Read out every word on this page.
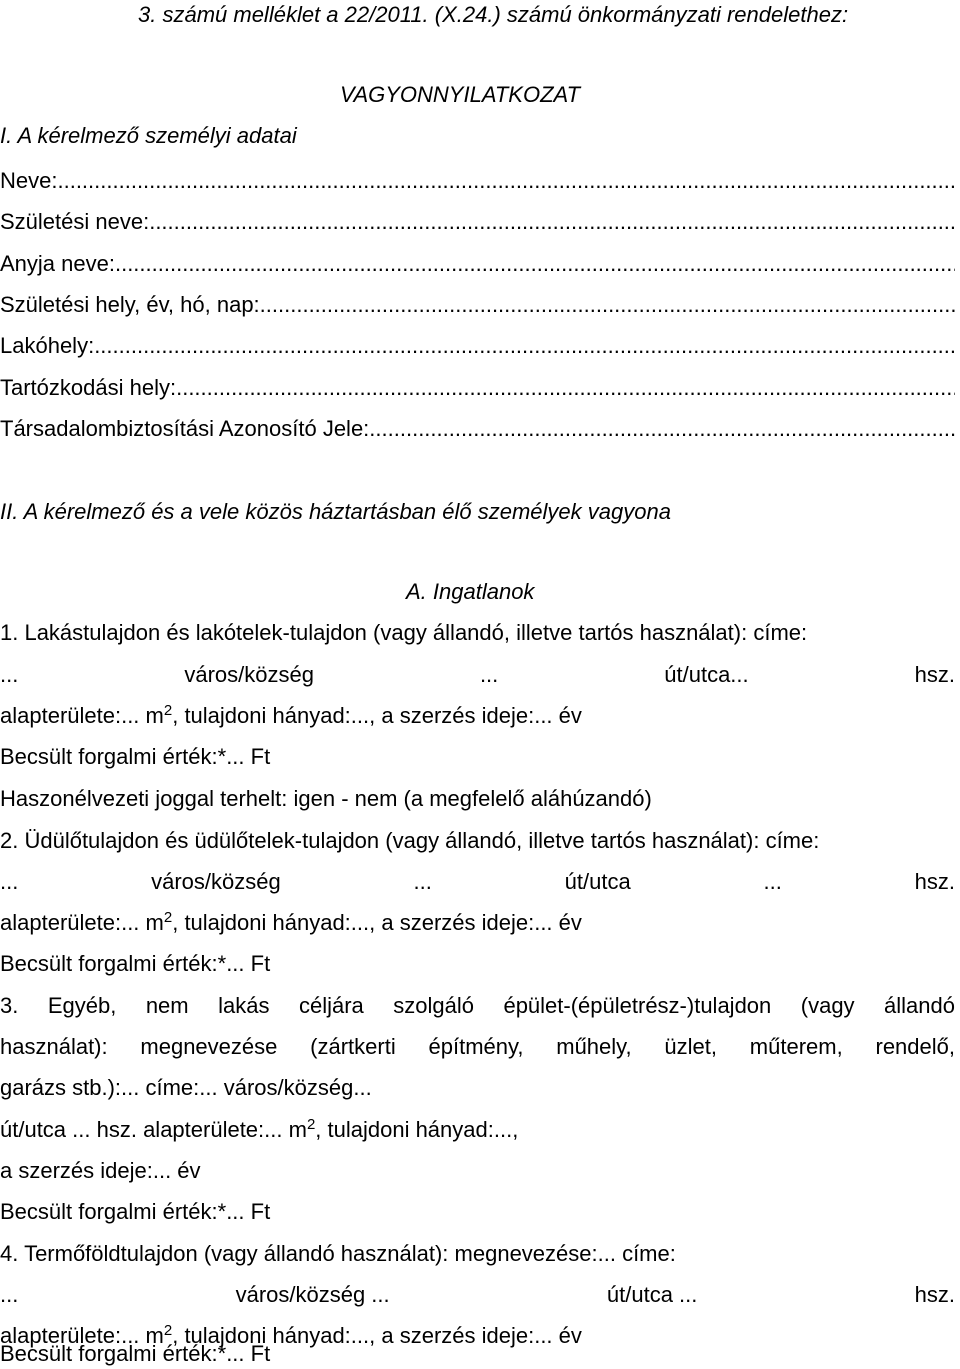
3. számú melléklet a 22/2011. (X.24.) számú önkormányzati rendelethez:
VAGYONNYILATKOZAT
I. A kérelmező személyi adatai
Neve:
.....
Születési neve:
.....
Anyja neve:
.....
Születési hely, év, hó, nap:
.....
Lakóhely:
.....
Tartózkodási hely:
.....
Társadalombiztosítási Azonosító Jele:
.....
II. A kérelmező és a vele közös háztartásban élő személyek vagyona
A. Ingatlanok
1. Lakástulajdon és lakótelek-tulajdon (vagy állandó, illetve tartós használat): címe:
...	város/község	...	út/utca...	hsz.
alapterülete:... $m^2$, tulajdoni hányad:..., a szerzés ideje:... év
Becsült forgalmi érték:*... Ft
Haszonélvezeti joggal terhelt: igen - nem (a megfelelő aláhúzandó)
2. Üdülőtulajdon és üdülőtelek-tulajdon (vagy állandó, illetve tartós használat): címe:
...	város/község	...	út/utca	...	hsz.
alapterülete:... $m^2$, tulajdoni hányad:..., a szerzés ideje:... év
Becsült forgalmi érték:*... Ft
3. Egyéb, nem lakás céljára szolgáló épület-(épületrész-)tulajdon (vagy állandó
használat): megnevezése (zártkerti építmény, műhely, üzlet, műterem, rendelő,
garázs stb.):... címe:... város/község...
út/utca ... hsz. alapterülete:... $m^2$, tulajdoni hányad:...,
a szerzés ideje:... év
Becsült forgalmi érték:*... Ft
4. Termőföldtulajdon (vagy állandó használat): megnevezése:... címe:
...	város/község ...	út/utca ...	hsz.
alapterülete:... $m^2$, tulajdoni hányad:..., a szerzés ideje:... év
Becsült forgalmi érték:*... Ft
